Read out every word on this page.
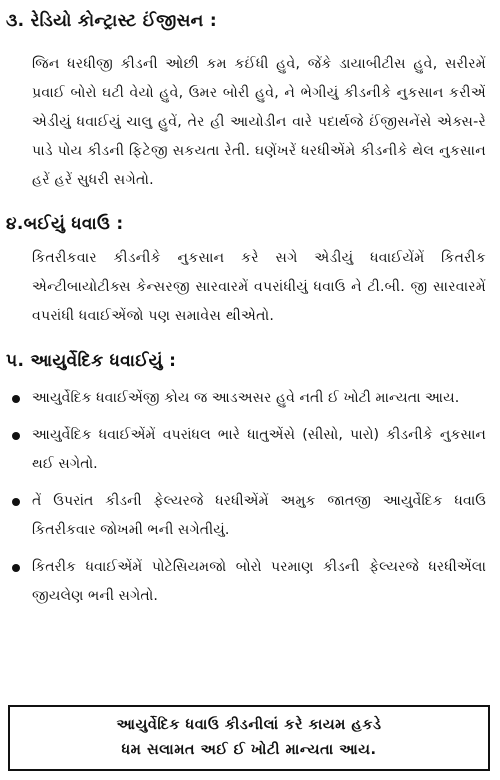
૩. રેડિયો કોન્ટ્રાસ્ટ ઈંજીસન :
જિન ધરધીજી કીડની ઓછી કમ કઈંધી હુવે, જેંકે ડાયાબીટીસ હુવે, સરીરમેં પ્રવાઈ બોરો ઘટી વેયો હુવે, ઉમર બોરી હુવે, ને ભેગીયું કીડનીકે નુકસાન કરીએં એડીયું ધવાઈયું ચાલુ હુવેં, તેર હી આયોડીન વારે પદાર્થજે ઈંજીસનેંસે એક્સ-રે પાડે પોય કીડની ફિટેજી સકયતા રેતી. ઘણેંખરેં ધરધીએંમે કીડનીકે થેલ નુકસાન હરેં હરેં સુધરી સગેતો.
૪.બઈયું ધવાઉ :
કિતરીકવાર કીડનીકે નુકસાન કરે સગે એડીયું ધવાઈયેંમેં કિતરીક એન્ટીબાયોટીક્સ કેન્સરજી સારવારમેં વપરાંધીયું ધવાઉ ને ટી.બી. જી સારવારમેં વપરાંધી ધવાઈએંજો પણ સમાવેસ થીએતો.
૫. આયુર્વેદિક ધવાઈયું :
આયુર્વેદિક ધવાઈએંજી કોય જ આડઅસર હુવે નતી ઈ ખોટી માન્યતા આય.
આયુર્વેદિક ધવાઈએંમેં વપરાંધલ ભારે ધાતુએંસે (સીસો, પારો) કીડનીકે નુકસાન થઈ સગેતો.
તેં ઉપરાંત કીડની ફેલ્યરજે ધરધીએંમેં અમુક જાતજી આયુર્વેદિક ધવાઉ કિતરીકવાર જોખમી ભની સગેતીયું.
કિતરીક ધવાઈએંમેં પોટેસિયમજો બોરો પરમાણ કીડની ફેલ્યરજે ધરધીએંલા જીયલેણ ભની સગેતો.
આયુર્વેદિક ધવાઉ કીડનીલાં કરે કાયમ હકડે
ધમ સલામત અઈ ઈ ખોટી માન્યતા આય.
